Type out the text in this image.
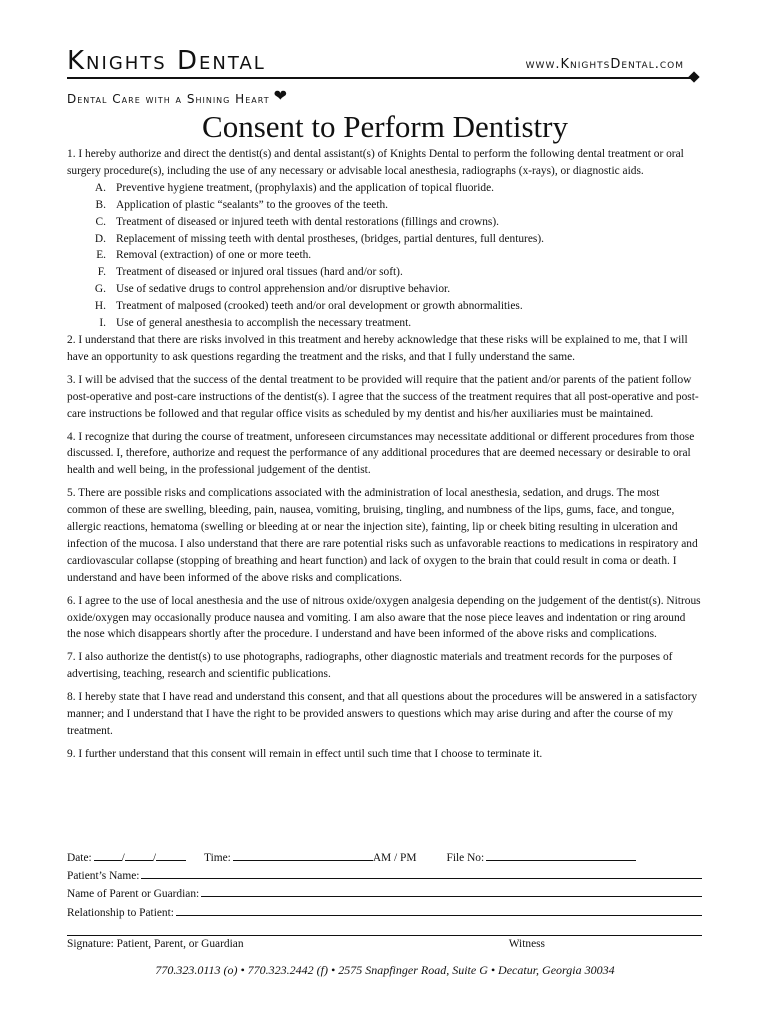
Knights Dental	www.KnightsDental.com
Dental Care with a Shining Heart ❤
Consent to Perform Dentistry

1. I hereby authorize and direct the dentist(s) and dental assistant(s) of Knights Dental to perform the following dental treatment or oral surgery procedure(s), including the use of any necessary or advisable local anesthesia, radiographs (x-rays), or diagnostic aids.

A. Preventive hygiene treatment, (prophylaxis) and the application of topical fluoride.
B. Application of plastic “sealants” to the grooves of the teeth.
C. Treatment of diseased or injured teeth with dental restorations (fillings and crowns).
D. Replacement of missing teeth with dental prostheses, (bridges, partial dentures, full dentures).
E. Removal (extraction) of one or more teeth.
F. Treatment of diseased or injured oral tissues (hard and/or soft).
G. Use of sedative drugs to control apprehension and/or disruptive behavior.
H. Treatment of malposed (crooked) teeth and/or oral development or growth abnormalities.
I. Use of general anesthesia to accomplish the necessary treatment.

2. I understand that there are risks involved in this treatment and hereby acknowledge that these risks will be explained to me, that I will have an opportunity to ask questions regarding the treatment and the risks, and that I fully understand the same.

3. I will be advised that the success of the dental treatment to be provided will require that the patient and/or parents of the patient follow post-operative and post-care instructions of the dentist(s). I agree that the success of the treatment requires that all post-operative and post-care instructions be followed and that regular office visits as scheduled by my dentist and his/her auxiliaries must be maintained.

4. I recognize that during the course of treatment, unforeseen circumstances may necessitate additional or different procedures from those discussed. I, therefore, authorize and request the performance of any additional procedures that are deemed necessary or desirable to oral health and well being, in the professional judgement of the dentist.

5. There are possible risks and complications associated with the administration of local anesthesia, sedation, and drugs. The most common of these are swelling, bleeding, pain, nausea, vomiting, bruising, tingling, and numbness of the lips, gums, face, and tongue, allergic reactions, hematoma (swelling or bleeding at or near the injection site), fainting, lip or cheek biting resulting in ulceration and infection of the mucosa. I also understand that there are rare potential risks such as unfavorable reactions to medications in respiratory and cardiovascular collapse (stopping of breathing and heart function) and lack of oxygen to the brain that could result in coma or death. I understand and have been informed of the above risks and complications.

6. I agree to the use of local anesthesia and the use of nitrous oxide/oxygen analgesia depending on the judgement of the dentist(s). Nitrous oxide/oxygen may occasionally produce nausea and vomiting. I am also aware that the nose piece leaves and indentation or ring around the nose which disappears shortly after the procedure. I understand and have been informed of the above risks and complications.

7. I also authorize the dentist(s) to use photographs, radiographs, other diagnostic materials and treatment records for the purposes of advertising, teaching, research and scientific publications.

8. I hereby state that I have read and understand this consent, and that all questions about the procedures will be answered in a satisfactory manner; and I understand that I have the right to be provided answers to questions which may arise during and after the course of my treatment.

9. I further understand that this consent will remain in effect until such time that I choose to terminate it.

Date:	/ /	Time:	AM / PM	File No:
Patient’s Name:
Name of Parent or Guardian:
Relationship to Patient:
Signature: Patient, Parent, or Guardian	Witness
770.323.0113 (o) • 770.323.2442 (f) • 2575 Snapfinger Road, Suite G • Decatur, Georgia 30034
